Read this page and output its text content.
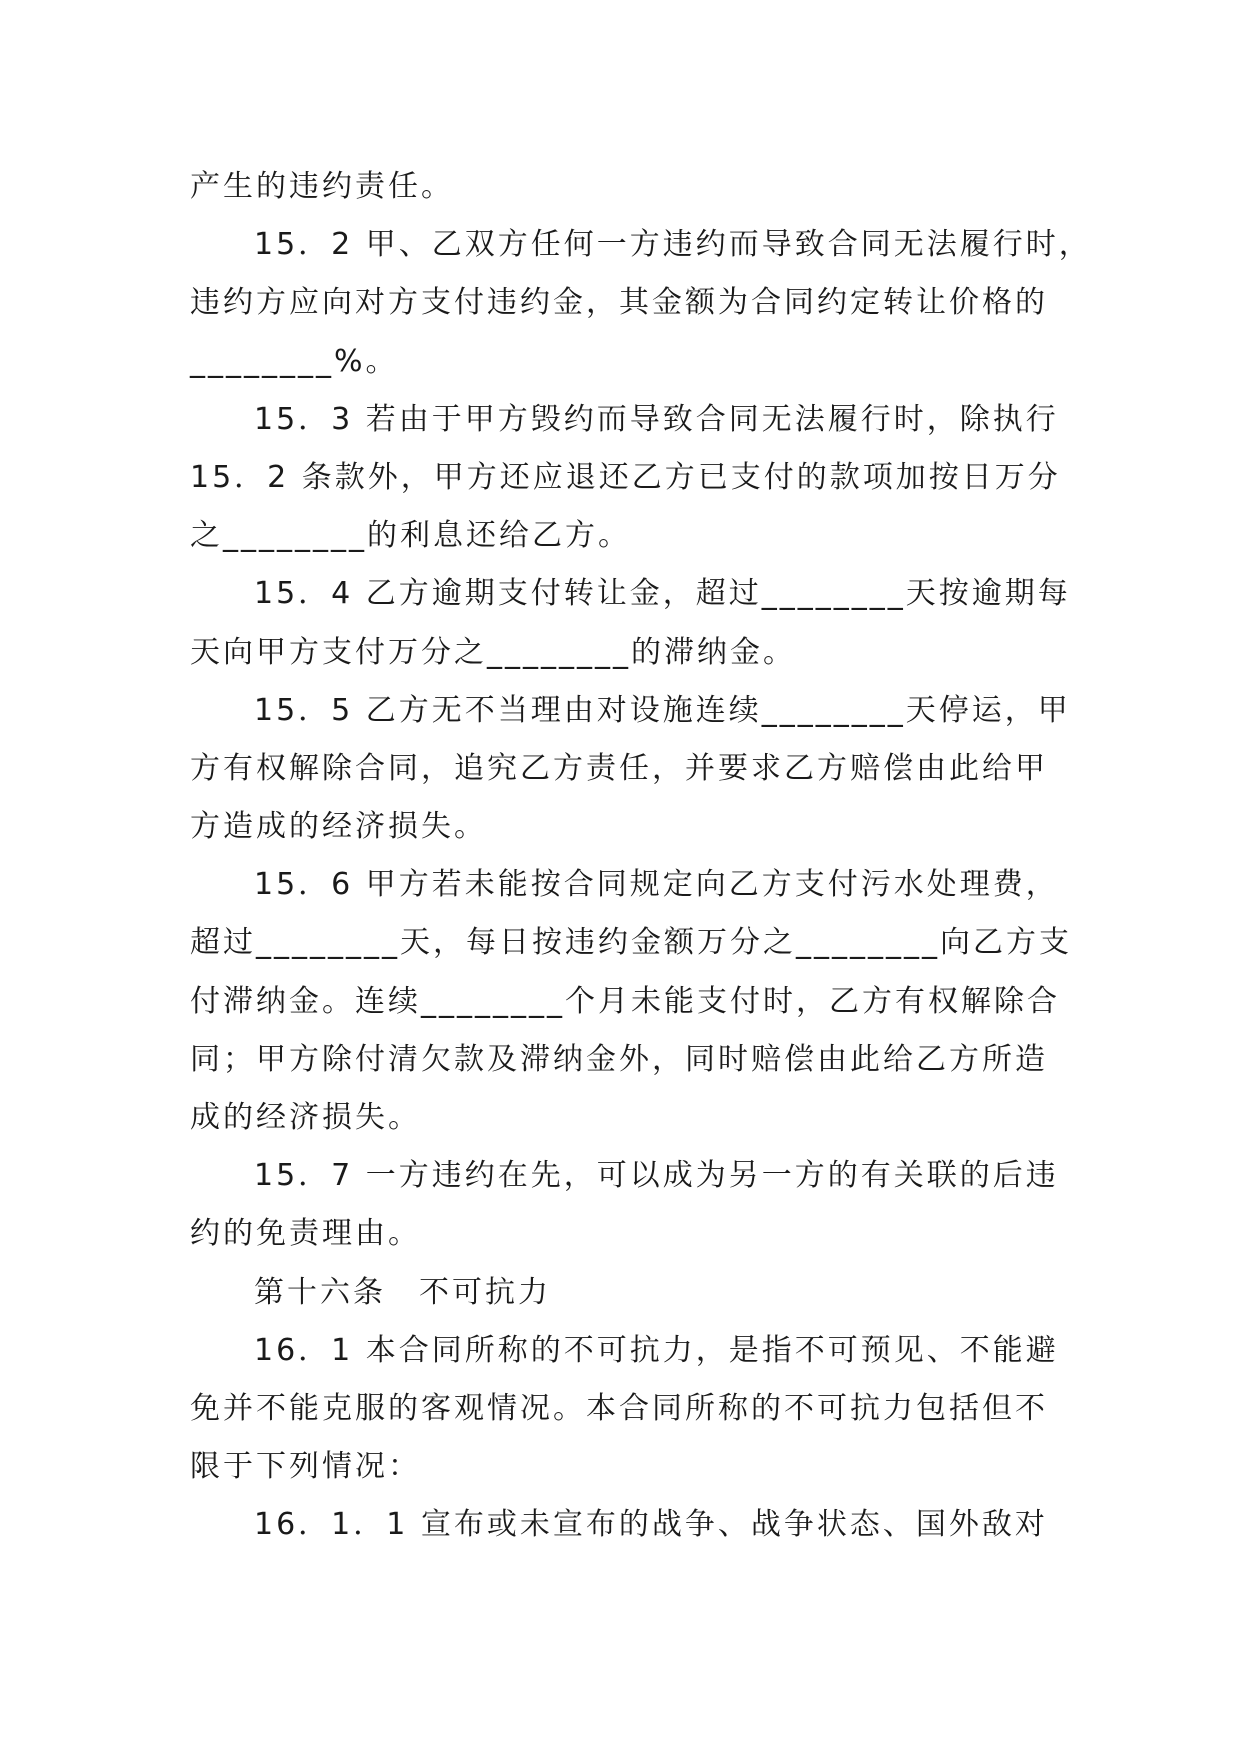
产生的违约责任。
15．2 甲、乙双方任何一方违约而导致合同无法履行时，
违约方应向对方支付违约金，其金额为合同约定转让价格的
________%。
15．3 若由于甲方毁约而导致合同无法履行时，除执行
15．2 条款外，甲方还应退还乙方已支付的款项加按日万分
之________的利息还给乙方。
15．4 乙方逾期支付转让金，超过________天按逾期每
天向甲方支付万分之________的滞纳金。
15．5 乙方无不当理由对设施连续________天停运，甲
方有权解除合同，追究乙方责任，并要求乙方赔偿由此给甲
方造成的经济损失。
15．6 甲方若未能按合同规定向乙方支付污水处理费，
超过________天，每日按违约金额万分之________向乙方支
付滞纳金。连续________个月未能支付时，乙方有权解除合
同；甲方除付清欠款及滞纳金外，同时赔偿由此给乙方所造
成的经济损失。
15．7 一方违约在先，可以成为另一方的有关联的后违
约的免责理由。
第十六条　不可抗力
16．1 本合同所称的不可抗力，是指不可预见、不能避
免并不能克服的客观情况。本合同所称的不可抗力包括但不
限于下列情况：
16．1．1 宣布或未宣布的战争、战争状态、国外敌对
